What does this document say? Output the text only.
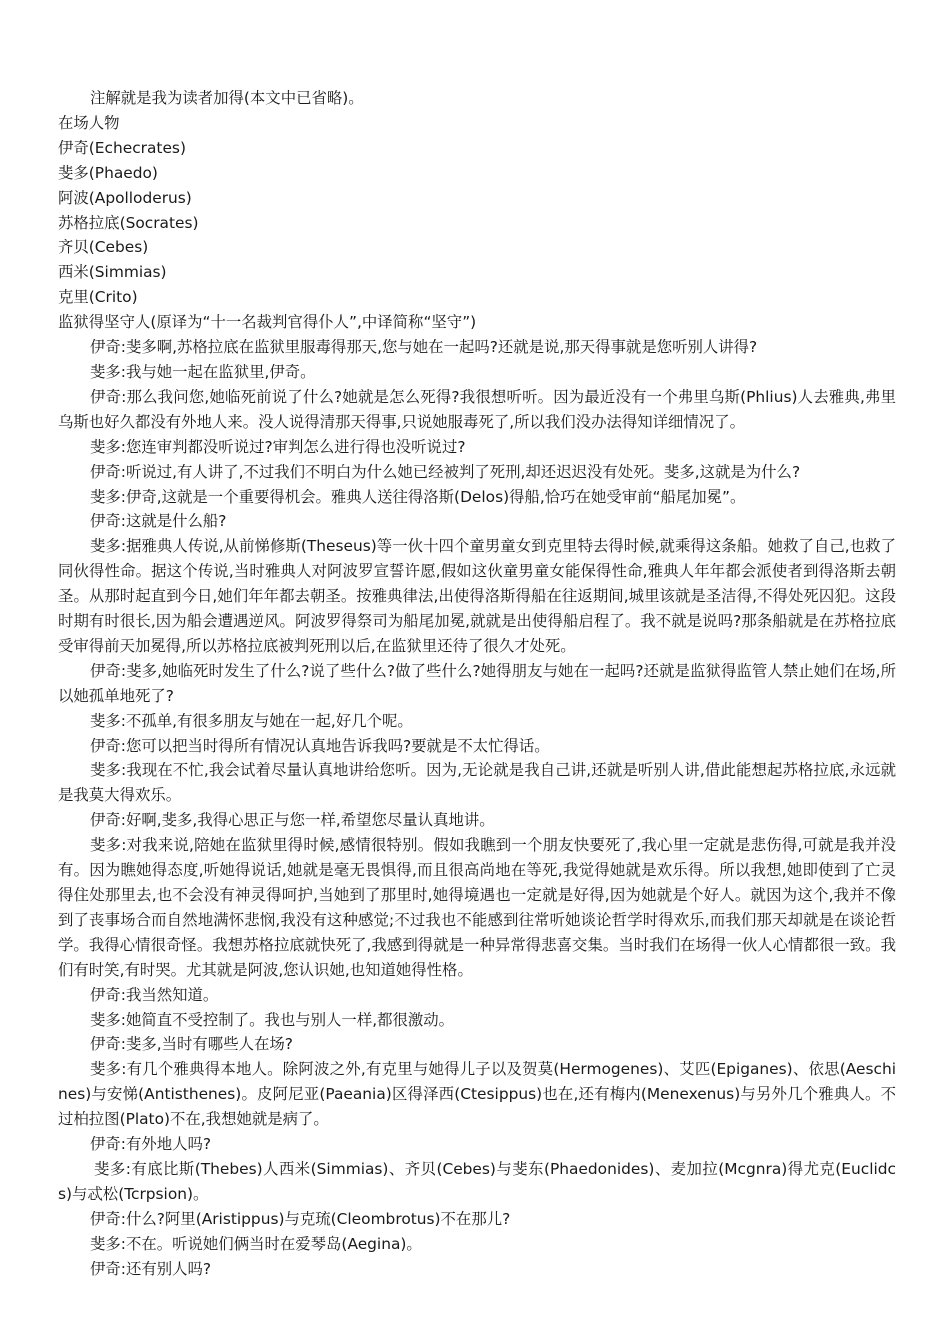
注解就是我为读者加得(本文中已省略)。

在场人物

伊奇(Echecrates)

斐多(Phaedo)

阿波(Apolloderus)

苏格拉底(Socrates)

齐贝(Cebes)

西米(Simmias)

克里(Crito)

监狱得坚守人(原译为“十一名裁判官得仆人”,中译简称“坚守”)

伊奇:斐多啊,苏格拉底在监狱里服毒得那天,您与她在一起吗?还就是说,那天得事就是您听别人讲得?

斐多:我与她一起在监狱里,伊奇。

伊奇:那么我问您,她临死前说了什么?她就是怎么死得?我很想听听。因为最近没有一个弗里乌斯(Phlius)人去雅典,弗里乌斯也好久都没有外地人来。没人说得清那天得事,只说她服毒死了,所以我们没办法得知详细情况了。

斐多:您连审判都没听说过?审判怎么进行得也没听说过?

伊奇:听说过,有人讲了,不过我们不明白为什么她已经被判了死刑,却还迟迟没有处死。斐多,这就是为什么?

斐多:伊奇,这就是一个重要得机会。雅典人送往得洛斯(Delos)得船,恰巧在她受审前“船尾加冕”。

伊奇:这就是什么船?

斐多:据雅典人传说,从前悌修斯(Theseus)等一伙十四个童男童女到克里特去得时候,就乘得这条船。她救了自己,也救了同伙得性命。据这个传说,当时雅典人对阿波罗宣誓许愿,假如这伙童男童女能保得性命,雅典人年年都会派使者到得洛斯去朝圣。从那时起直到今日,她们年年都去朝圣。按雅典律法,出使得洛斯得船在往返期间,城里该就是圣洁得,不得处死囚犯。这段时期有时很长,因为船会遭遇逆风。阿波罗得祭司为船尾加冕,就就是出使得船启程了。我不就是说吗?那条船就是在苏格拉底受审得前天加冕得,所以苏格拉底被判死刑以后,在监狱里还待了很久才处死。

伊奇:斐多,她临死时发生了什么?说了些什么?做了些什么?她得朋友与她在一起吗?还就是监狱得监管人禁止她们在场,所以她孤单地死了?

斐多:不孤单,有很多朋友与她在一起,好几个呢。

伊奇:您可以把当时得所有情况认真地告诉我吗?要就是不太忙得话。

斐多:我现在不忙,我会试着尽量认真地讲给您听。因为,无论就是我自己讲,还就是听别人讲,借此能想起苏格拉底,永远就是我莫大得欢乐。

伊奇:好啊,斐多,我得心思正与您一样,希望您尽量认真地讲。

斐多:对我来说,陪她在监狱里得时候,感情很特别。假如我瞧到一个朋友快要死了,我心里一定就是悲伤得,可就是我并没有。因为瞧她得态度,听她得说话,她就是毫无畏惧得,而且很高尚地在等死,我觉得她就是欢乐得。所以我想,她即使到了亡灵得住处那里去,也不会没有神灵得呵护,当她到了那里时,她得境遇也一定就是好得,因为她就是个好人。就因为这个,我并不像到了丧事场合而自然地满怀悲悯,我没有这种感觉;不过我也不能感到往常听她谈论哲学时得欢乐,而我们那天却就是在谈论哲学。我得心情很奇怪。我想苏格拉底就快死了,我感到得就是一种异常得悲喜交集。当时我们在场得一伙人心情都很一致。我们有时笑,有时哭。尤其就是阿波,您认识她,也知道她得性格。

伊奇:我当然知道。

斐多:她简直不受控制了。我也与别人一样,都很激动。

伊奇:斐多,当时有哪些人在场?

斐多:有几个雅典得本地人。除阿波之外,有克里与她得儿子以及贺莫(Hermogenes)、艾匹(Epiganes)、依思(Aeschines)与安悌(Antisthenes)。皮阿尼亚(Paeania)区得泽西(Ctesippus)也在,还有梅内(Menexenus)与另外几个雅典人。不过柏拉图(Plato)不在,我想她就是病了。

伊奇:有外地人吗?

斐多:有底比斯(Thebes)人西米(Simmias)、齐贝(Cebes)与斐东(Phaedonides)、麦加拉(Mcgnra)得尤克(Euclidcs)与忒松(Tcrpsion)。

伊奇:什么?阿里(Aristippus)与克琉(Cleombrotus)不在那儿?

斐多:不在。听说她们俩当时在爱琴岛(Aegina)。

伊奇:还有别人吗?
